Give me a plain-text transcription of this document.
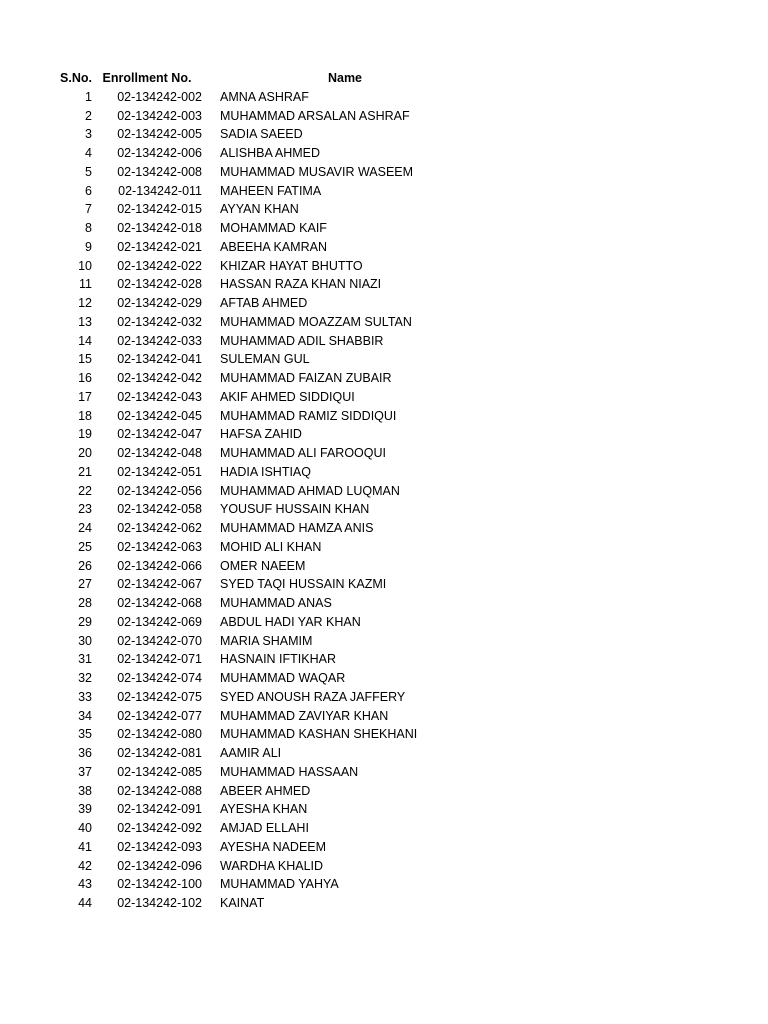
S.No.	Enrollment No.		Name
1	02-134242-002		AMNA ASHRAF
2	02-134242-003		MUHAMMAD ARSALAN ASHRAF
3	02-134242-005		SADIA SAEED
4	02-134242-006		ALISHBA AHMED
5	02-134242-008		MUHAMMAD MUSAVIR WASEEM
6	02-134242-011		MAHEEN FATIMA
7	02-134242-015		AYYAN KHAN
8	02-134242-018		MOHAMMAD KAIF
9	02-134242-021		ABEEHA KAMRAN
10	02-134242-022		KHIZAR HAYAT BHUTTO
11	02-134242-028		HASSAN RAZA KHAN NIAZI
12	02-134242-029		AFTAB AHMED
13	02-134242-032		MUHAMMAD MOAZZAM SULTAN
14	02-134242-033		MUHAMMAD ADIL SHABBIR
15	02-134242-041		SULEMAN GUL
16	02-134242-042		MUHAMMAD FAIZAN ZUBAIR
17	02-134242-043		AKIF AHMED SIDDIQUI
18	02-134242-045		MUHAMMAD RAMIZ SIDDIQUI
19	02-134242-047		HAFSA ZAHID
20	02-134242-048		MUHAMMAD ALI FAROOQUI
21	02-134242-051		HADIA ISHTIAQ
22	02-134242-056		MUHAMMAD AHMAD LUQMAN
23	02-134242-058		YOUSUF HUSSAIN KHAN
24	02-134242-062		MUHAMMAD HAMZA ANIS
25	02-134242-063		MOHID ALI KHAN
26	02-134242-066		OMER NAEEM
27	02-134242-067		SYED TAQI HUSSAIN KAZMI
28	02-134242-068		MUHAMMAD ANAS
29	02-134242-069		ABDUL HADI YAR KHAN
30	02-134242-070		MARIA SHAMIM
31	02-134242-071		HASNAIN IFTIKHAR
32	02-134242-074		MUHAMMAD WAQAR
33	02-134242-075		SYED ANOUSH RAZA JAFFERY
34	02-134242-077		MUHAMMAD ZAVIYAR KHAN
35	02-134242-080		MUHAMMAD KASHAN SHEKHANI
36	02-134242-081		AAMIR ALI
37	02-134242-085		MUHAMMAD HASSAAN
38	02-134242-088		ABEER AHMED
39	02-134242-091		AYESHA KHAN
40	02-134242-092		AMJAD ELLAHI
41	02-134242-093		AYESHA NADEEM
42	02-134242-096		WARDHA KHALID
43	02-134242-100		MUHAMMAD YAHYA
44	02-134242-102		KAINAT
